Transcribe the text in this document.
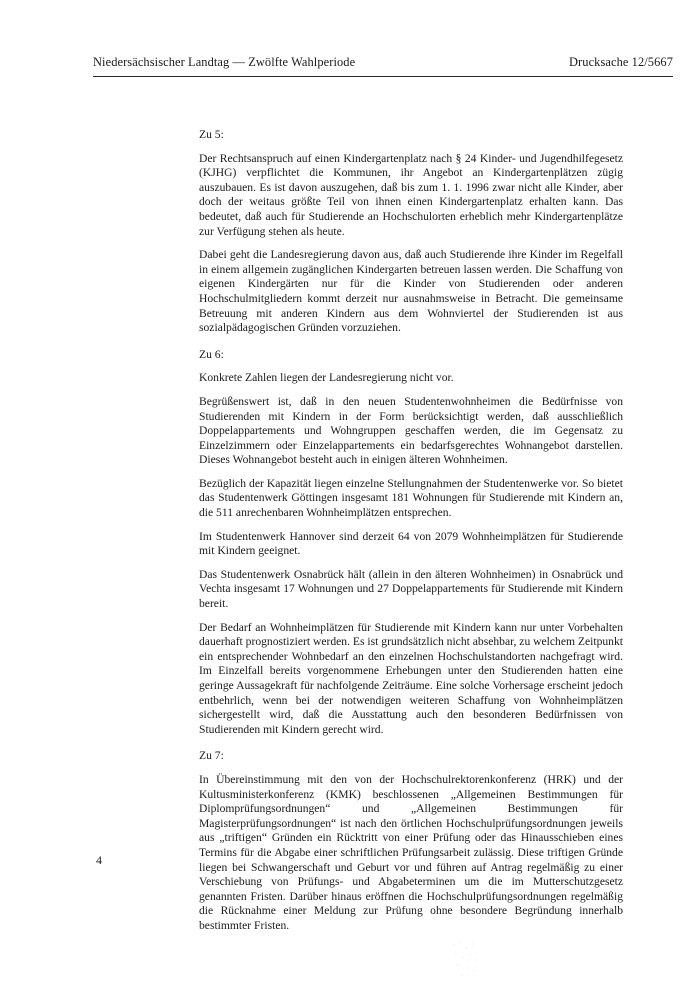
Niedersächsischer Landtag — Zwölfte Wahlperiode	Drucksache 12/5667

Zu 5:

Der Rechtsanspruch auf einen Kindergartenplatz nach § 24 Kinder- und Jugendhilfegesetz (KJHG) verpflichtet die Kommunen, ihr Angebot an Kindergartenplätzen zügig auszubauen. Es ist davon auszugehen, daß bis zum 1. 1. 1996 zwar nicht alle Kinder, aber doch der weitaus größte Teil von ihnen einen Kindergartenplatz erhalten kann. Das bedeutet, daß auch für Studierende an Hochschulorten erheblich mehr Kindergartenplätze zur Verfügung stehen als heute.

Dabei geht die Landesregierung davon aus, daß auch Studierende ihre Kinder im Regelfall in einem allgemein zugänglichen Kindergarten betreuen lassen werden. Die Schaffung von eigenen Kindergärten nur für die Kinder von Studierenden oder anderen Hochschulmitgliedern kommt derzeit nur ausnahmsweise in Betracht. Die gemeinsame Betreuung mit anderen Kindern aus dem Wohnviertel der Studierenden ist aus sozialpädagogischen Gründen vorzuziehen.

Zu 6:

Konkrete Zahlen liegen der Landesregierung nicht vor.

Begrüßenswert ist, daß in den neuen Studentenwohnheimen die Bedürfnisse von Studierenden mit Kindern in der Form berücksichtigt werden, daß ausschließlich Doppelappartements und Wohngruppen geschaffen werden, die im Gegensatz zu Einzelzimmern oder Einzelappartements ein bedarfsgerechtes Wohnangebot darstellen. Dieses Wohnangebot besteht auch in einigen älteren Wohnheimen.

Bezüglich der Kapazität liegen einzelne Stellungnahmen der Studentenwerke vor. So bietet das Studentenwerk Göttingen insgesamt 181 Wohnungen für Studierende mit Kindern an, die 511 anrechenbaren Wohnheimplätzen entsprechen.

Im Studentenwerk Hannover sind derzeit 64 von 2079 Wohnheimplätzen für Studierende mit Kindern geeignet.

Das Studentenwerk Osnabrück hält (allein in den älteren Wohnheimen) in Osnabrück und Vechta insgesamt 17 Wohnungen und 27 Doppelappartements für Studierende mit Kindern bereit.

Der Bedarf an Wohnheimplätzen für Studierende mit Kindern kann nur unter Vorbehalten dauerhaft prognostiziert werden. Es ist grundsätzlich nicht absehbar, zu welchem Zeitpunkt ein entsprechender Wohnbedarf an den einzelnen Hochschulstandorten nachgefragt wird. Im Einzelfall bereits vorgenommene Erhebungen unter den Studierenden hatten eine geringe Aussagekraft für nachfolgende Zeiträume. Eine solche Vorhersage erscheint jedoch entbehrlich, wenn bei der notwendigen weiteren Schaffung von Wohnheimplätzen sichergestellt wird, daß die Ausstattung auch den besonderen Bedürfnissen von Studierenden mit Kindern gerecht wird.

Zu 7:

In Übereinstimmung mit den von der Hochschulrektorenkonferenz (HRK) und der Kultusministerkonferenz (KMK) beschlossenen „Allgemeinen Bestimmungen für Diplomprüfungsordnungen“ und „Allgemeinen Bestimmungen für Magisterprüfungsordnungen“ ist nach den örtlichen Hochschulprüfungsordnungen jeweils aus „triftigen“ Gründen ein Rücktritt von einer Prüfung oder das Hinausschieben eines Termins für die Abgabe einer schriftlichen Prüfungsarbeit zulässig. Diese triftigen Gründe liegen bei Schwangerschaft und Geburt vor und führen auf Antrag regelmäßig zu einer Verschiebung von Prüfungs- und Abgabeterminen um die im Mutterschutzgesetz genannten Fristen. Darüber hinaus eröffnen die Hochschulprüfungsordnungen regelmäßig die Rücknahme einer Meldung zur Prüfung ohne besondere Begründung innerhalb bestimmter Fristen.

4
